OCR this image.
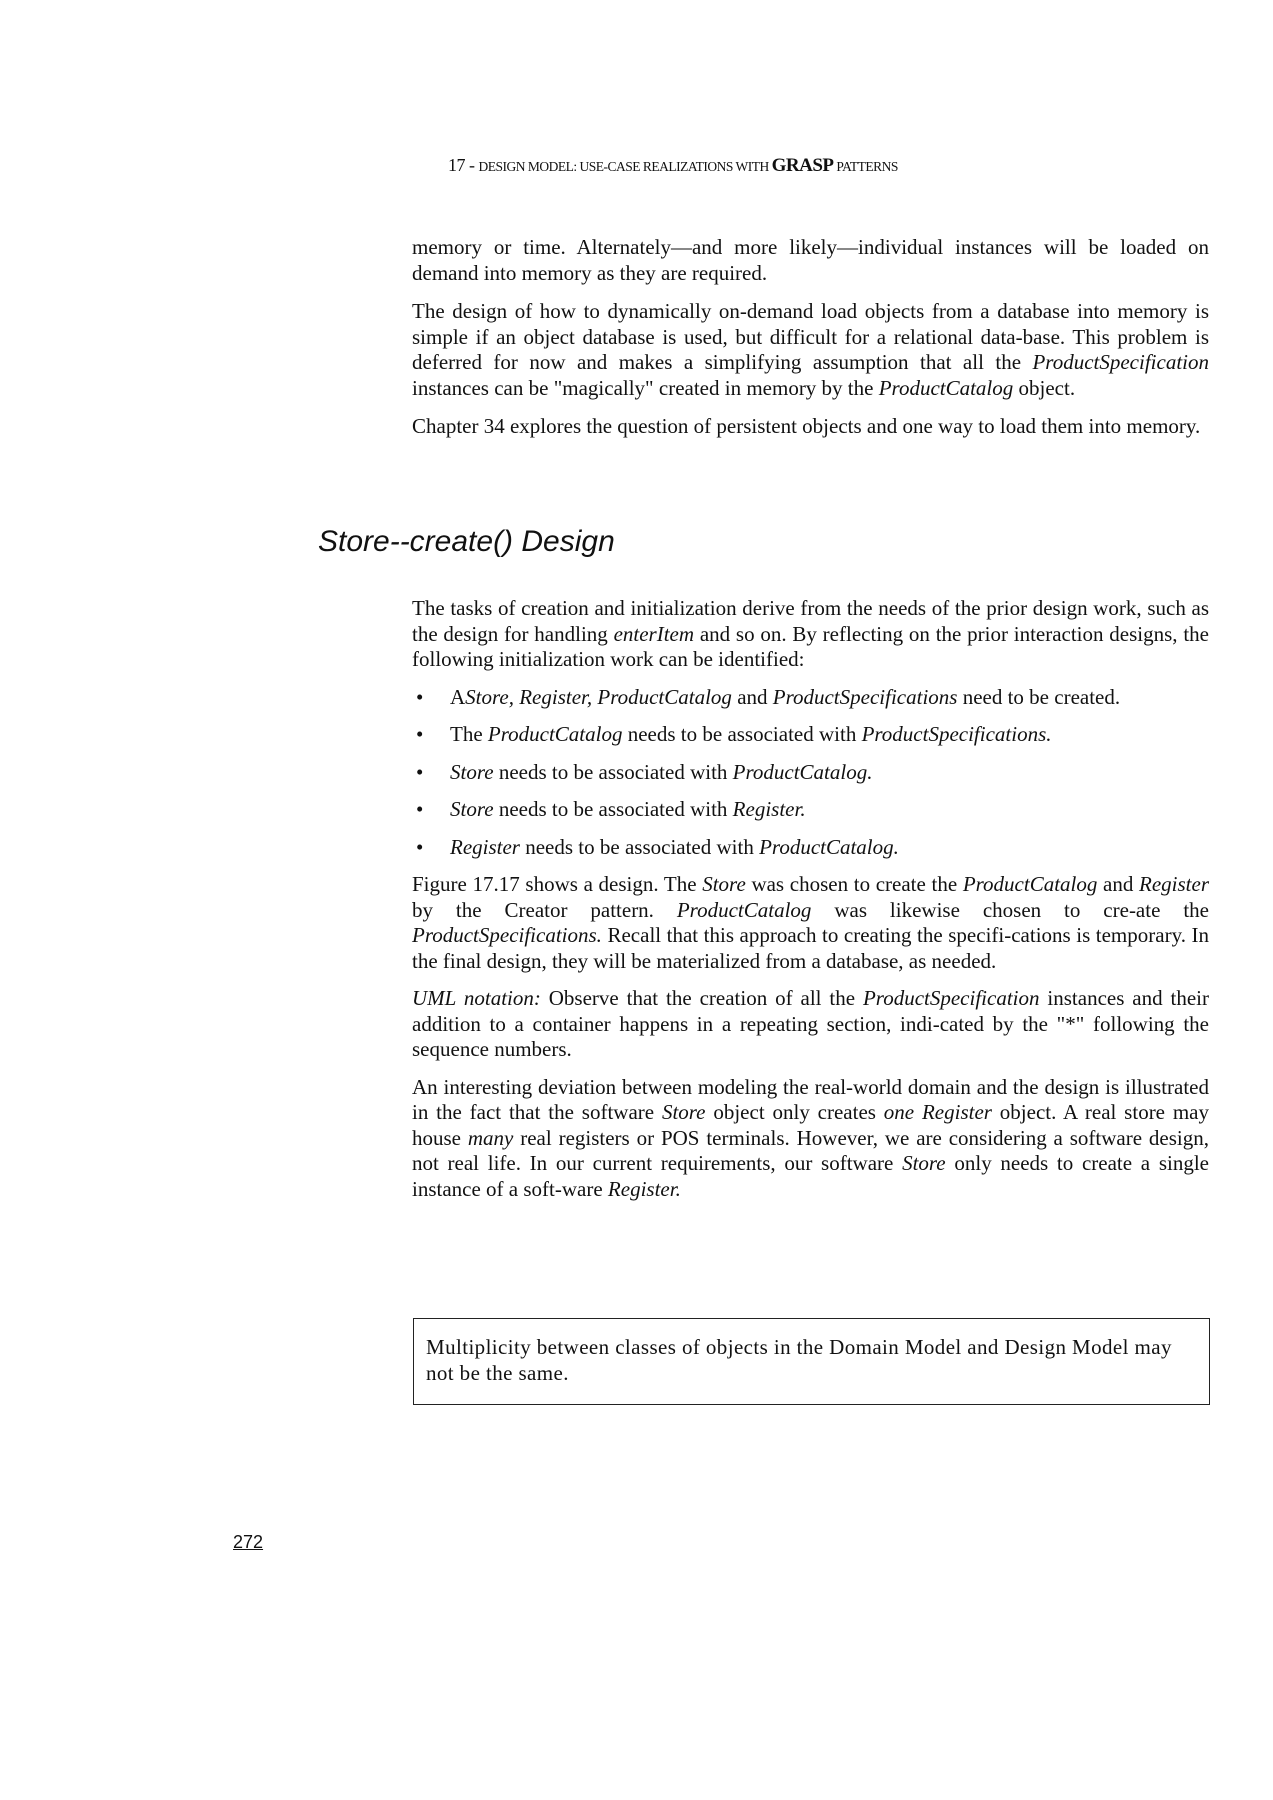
17 - DESIGN MODEL: USE-CASE REALIZATIONS WITH GRASP PATTERNS

memory or time. Alternately—and more likely—individual instances will be loaded on demand into memory as they are required.

The design of how to dynamically on-demand load objects from a database into memory is simple if an object database is used, but difficult for a relational data-base. This problem is deferred for now and makes a simplifying assumption that all the ProductSpecification instances can be "magically" created in memory by the ProductCatalog object.

Chapter 34 explores the question of persistent objects and one way to load them into memory.

Store--create() Design

The tasks of creation and initialization derive from the needs of the prior design work, such as the design for handling enterItem and so on. By reflecting on the prior interaction designs, the following initialization work can be identified:

• AStore, Register, ProductCatalog and ProductSpecifications need to be created.
• The ProductCatalog needs to be associated with ProductSpecifications.
• Store needs to be associated with ProductCatalog.
• Store needs to be associated with Register.
• Register needs to be associated with ProductCatalog.

Figure 17.17 shows a design. The Store was chosen to create the ProductCatalog and Register by the Creator pattern. ProductCatalog was likewise chosen to cre-ate the ProductSpecifications. Recall that this approach to creating the specifi-cations is temporary. In the final design, they will be materialized from a database, as needed.

UML notation: Observe that the creation of all the ProductSpecification instances and their addition to a container happens in a repeating section, indi-cated by the "*" following the sequence numbers.

An interesting deviation between modeling the real-world domain and the design is illustrated in the fact that the software Store object only creates one Register object. A real store may house many real registers or POS terminals. However, we are considering a software design, not real life. In our current requirements, our software Store only needs to create a single instance of a soft-ware Register.

Multiplicity between classes of objects in the Domain Model and Design Model may not be the same.
272
